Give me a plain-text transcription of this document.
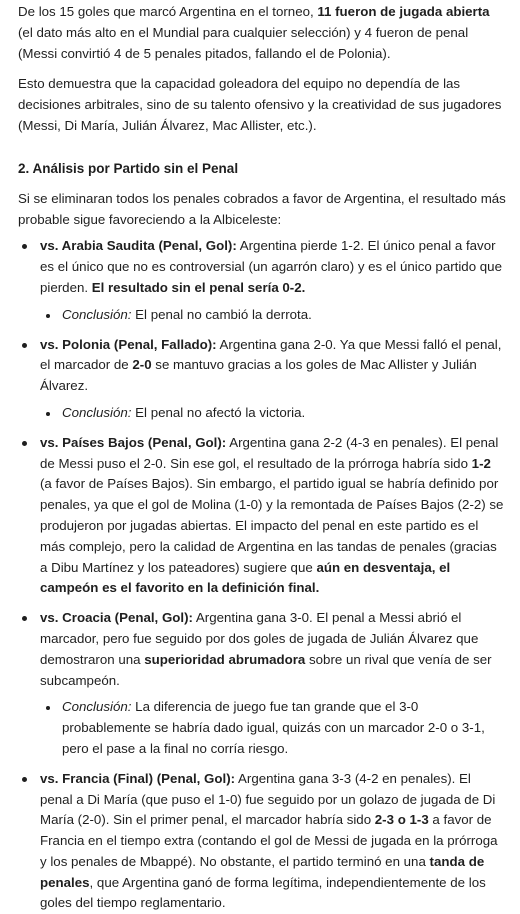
De los 15 goles que marcó Argentina en el torneo, 11 fueron de jugada abierta (el dato más alto en el Mundial para cualquier selección) y 4 fueron de penal (Messi convirtió 4 de 5 penales pitados, fallando el de Polonia).

Esto demuestra que la capacidad goleadora del equipo no dependía de las decisiones arbitrales, sino de su talento ofensivo y la creatividad de sus jugadores (Messi, Di María, Julián Álvarez, Mac Allister, etc.).

2. Análisis por Partido sin el Penal

Si se eliminaran todos los penales cobrados a favor de Argentina, el resultado más probable sigue favoreciendo a la Albiceleste:

vs. Arabia Saudita (Penal, Gol): Argentina pierde 1-2. El único penal a favor es el único que no es controversial (un agarrón claro) y es el único partido que pierden. El resultado sin el penal sería 0-2.
Conclusión: El penal no cambió la derrota.
vs. Polonia (Penal, Fallado): Argentina gana 2-0. Ya que Messi falló el penal, el marcador de 2-0 se mantuvo gracias a los goles de Mac Allister y Julián Álvarez.
Conclusión: El penal no afectó la victoria.
vs. Países Bajos (Penal, Gol): Argentina gana 2-2 (4-3 en penales). El penal de Messi puso el 2-0. Sin ese gol, el resultado de la prórroga habría sido 1-2 (a favor de Países Bajos). Sin embargo, el partido igual se habría definido por penales, ya que el gol de Molina (1-0) y la remontada de Países Bajos (2-2) se produjeron por jugadas abiertas. El impacto del penal en este partido es el más complejo, pero la calidad de Argentina en las tandas de penales (gracias a Dibu Martínez y los pateadores) sugiere que aún en desventaja, el campeón es el favorito en la definición final.
vs. Croacia (Penal, Gol): Argentina gana 3-0. El penal a Messi abrió el marcador, pero fue seguido por dos goles de jugada de Julián Álvarez que demostraron una superioridad abrumadora sobre un rival que venía de ser subcampeón.
Conclusión: La diferencia de juego fue tan grande que el 3-0 probablemente se habría dado igual, quizás con un marcador 2-0 o 3-1, pero el pase a la final no corría riesgo.
vs. Francia (Final) (Penal, Gol): Argentina gana 3-3 (4-2 en penales). El penal a Di María (que puso el 1-0) fue seguido por un golazo de jugada de Di María (2-0). Sin el primer penal, el marcador habría sido 2-3 o 1-3 a favor de Francia en el tiempo extra (contando el gol de Messi de jugada en la prórroga y los penales de Mbappé). No obstante, el partido terminó en una tanda de penales, que Argentina ganó de forma legítima, independientemente de los goles del tiempo reglamentario.
